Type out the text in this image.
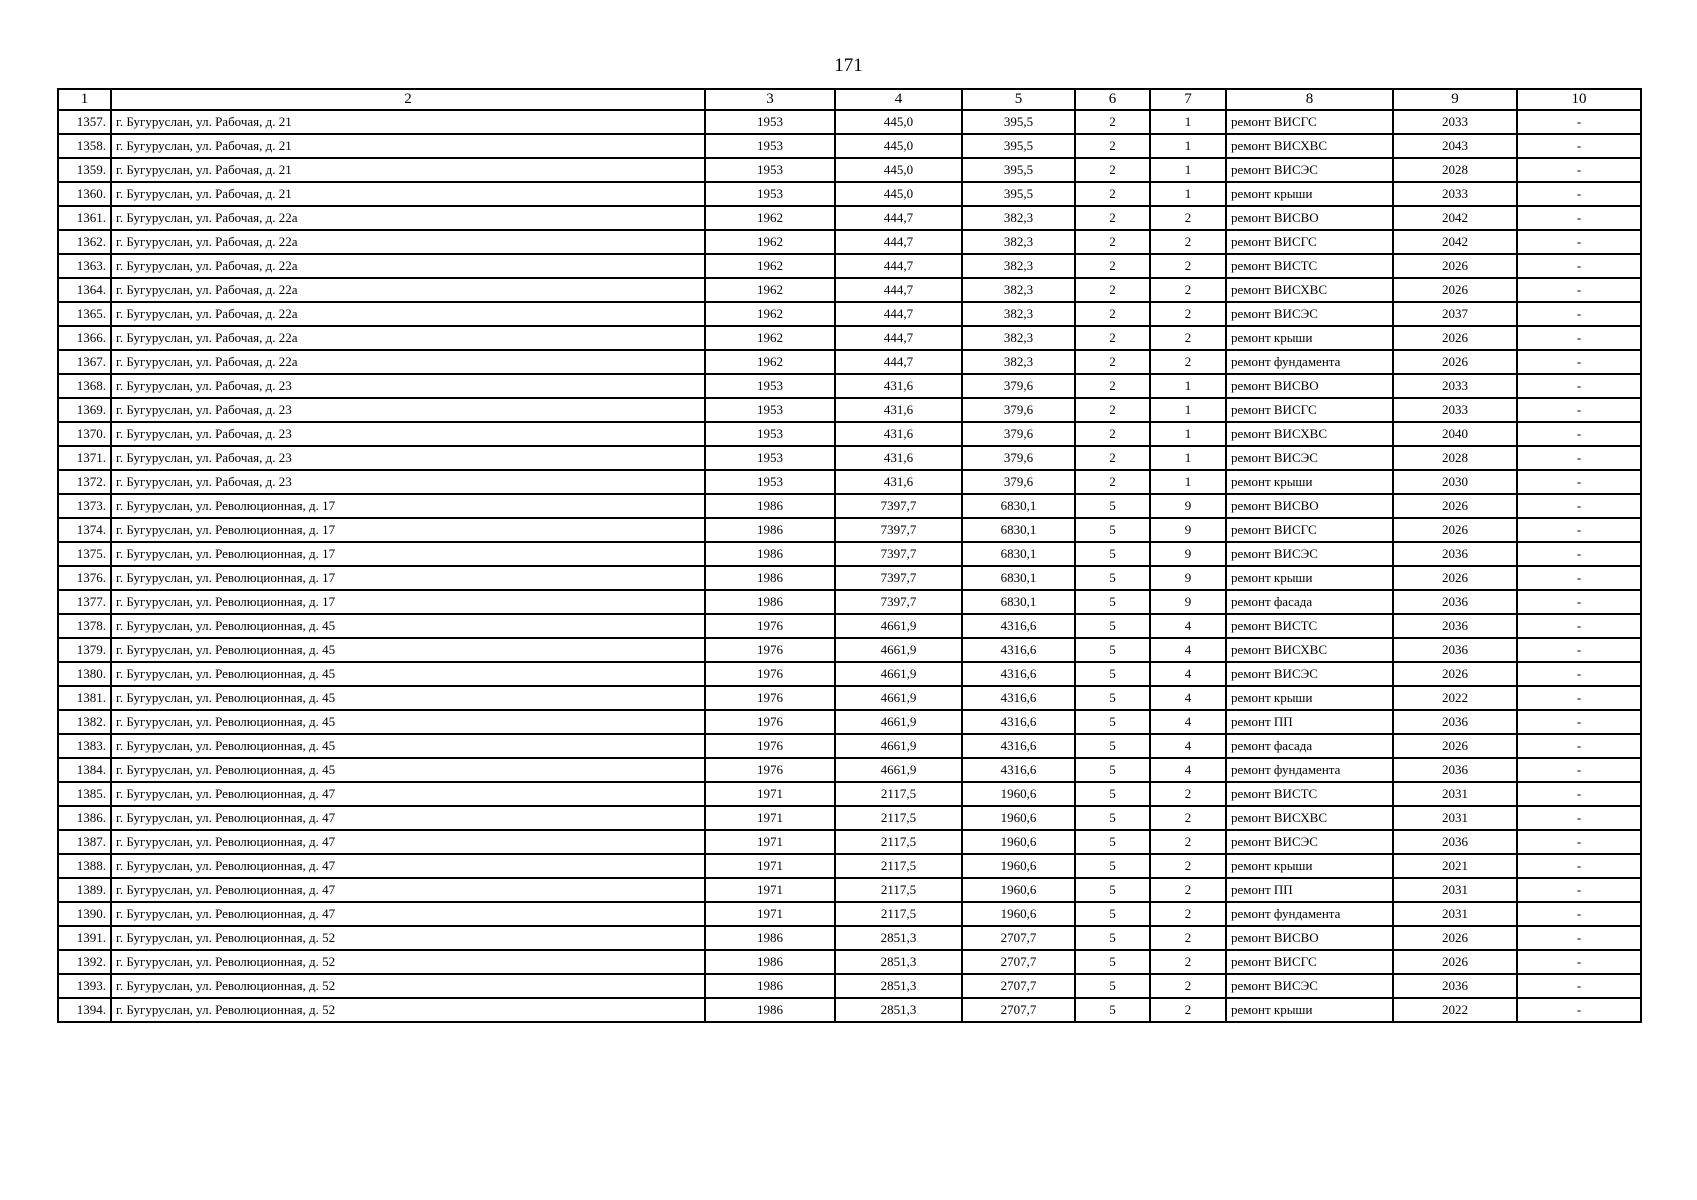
171
1	2	3	4	5	6	7	8	9	10
1357.	г. Бугуруслан, ул. Рабочая, д. 21	1953	445,0	395,5	2	1	ремонт ВИСГС	2033	-
1358.	г. Бугуруслан, ул. Рабочая, д. 21	1953	445,0	395,5	2	1	ремонт ВИСХВС	2043	-
1359.	г. Бугуруслан, ул. Рабочая, д. 21	1953	445,0	395,5	2	1	ремонт ВИСЭС	2028	-
1360.	г. Бугуруслан, ул. Рабочая, д. 21	1953	445,0	395,5	2	1	ремонт крыши	2033	-
1361.	г. Бугуруслан, ул. Рабочая, д. 22а	1962	444,7	382,3	2	2	ремонт ВИСВО	2042	-
1362.	г. Бугуруслан, ул. Рабочая, д. 22а	1962	444,7	382,3	2	2	ремонт ВИСГС	2042	-
1363.	г. Бугуруслан, ул. Рабочая, д. 22а	1962	444,7	382,3	2	2	ремонт ВИСТС	2026	-
1364.	г. Бугуруслан, ул. Рабочая, д. 22а	1962	444,7	382,3	2	2	ремонт ВИСХВС	2026	-
1365.	г. Бугуруслан, ул. Рабочая, д. 22а	1962	444,7	382,3	2	2	ремонт ВИСЭС	2037	-
1366.	г. Бугуруслан, ул. Рабочая, д. 22а	1962	444,7	382,3	2	2	ремонт крыши	2026	-
1367.	г. Бугуруслан, ул. Рабочая, д. 22а	1962	444,7	382,3	2	2	ремонт фундамента	2026	-
1368.	г. Бугуруслан, ул. Рабочая, д. 23	1953	431,6	379,6	2	1	ремонт ВИСВО	2033	-
1369.	г. Бугуруслан, ул. Рабочая, д. 23	1953	431,6	379,6	2	1	ремонт ВИСГС	2033	-
1370.	г. Бугуруслан, ул. Рабочая, д. 23	1953	431,6	379,6	2	1	ремонт ВИСХВС	2040	-
1371.	г. Бугуруслан, ул. Рабочая, д. 23	1953	431,6	379,6	2	1	ремонт ВИСЭС	2028	-
1372.	г. Бугуруслан, ул. Рабочая, д. 23	1953	431,6	379,6	2	1	ремонт крыши	2030	-
1373.	г. Бугуруслан, ул. Революционная, д. 17	1986	7397,7	6830,1	5	9	ремонт ВИСВО	2026	-
1374.	г. Бугуруслан, ул. Революционная, д. 17	1986	7397,7	6830,1	5	9	ремонт ВИСГС	2026	-
1375.	г. Бугуруслан, ул. Революционная, д. 17	1986	7397,7	6830,1	5	9	ремонт ВИСЭС	2036	-
1376.	г. Бугуруслан, ул. Революционная, д. 17	1986	7397,7	6830,1	5	9	ремонт крыши	2026	-
1377.	г. Бугуруслан, ул. Революционная, д. 17	1986	7397,7	6830,1	5	9	ремонт фасада	2036	-
1378.	г. Бугуруслан, ул. Революционная, д. 45	1976	4661,9	4316,6	5	4	ремонт ВИСТС	2036	-
1379.	г. Бугуруслан, ул. Революционная, д. 45	1976	4661,9	4316,6	5	4	ремонт ВИСХВС	2036	-
1380.	г. Бугуруслан, ул. Революционная, д. 45	1976	4661,9	4316,6	5	4	ремонт ВИСЭС	2026	-
1381.	г. Бугуруслан, ул. Революционная, д. 45	1976	4661,9	4316,6	5	4	ремонт крыши	2022	-
1382.	г. Бугуруслан, ул. Революционная, д. 45	1976	4661,9	4316,6	5	4	ремонт ПП	2036	-
1383.	г. Бугуруслан, ул. Революционная, д. 45	1976	4661,9	4316,6	5	4	ремонт фасада	2026	-
1384.	г. Бугуруслан, ул. Революционная, д. 45	1976	4661,9	4316,6	5	4	ремонт фундамента	2036	-
1385.	г. Бугуруслан, ул. Революционная, д. 47	1971	2117,5	1960,6	5	2	ремонт ВИСТС	2031	-
1386.	г. Бугуруслан, ул. Революционная, д. 47	1971	2117,5	1960,6	5	2	ремонт ВИСХВС	2031	-
1387.	г. Бугуруслан, ул. Революционная, д. 47	1971	2117,5	1960,6	5	2	ремонт ВИСЭС	2036	-
1388.	г. Бугуруслан, ул. Революционная, д. 47	1971	2117,5	1960,6	5	2	ремонт крыши	2021	-
1389.	г. Бугуруслан, ул. Революционная, д. 47	1971	2117,5	1960,6	5	2	ремонт ПП	2031	-
1390.	г. Бугуруслан, ул. Революционная, д. 47	1971	2117,5	1960,6	5	2	ремонт фундамента	2031	-
1391.	г. Бугуруслан, ул. Революционная, д. 52	1986	2851,3	2707,7	5	2	ремонт ВИСВО	2026	-
1392.	г. Бугуруслан, ул. Революционная, д. 52	1986	2851,3	2707,7	5	2	ремонт ВИСГС	2026	-
1393.	г. Бугуруслан, ул. Революционная, д. 52	1986	2851,3	2707,7	5	2	ремонт ВИСЭС	2036	-
1394.	г. Бугуруслан, ул. Революционная, д. 52	1986	2851,3	2707,7	5	2	ремонт крыши	2022	-
